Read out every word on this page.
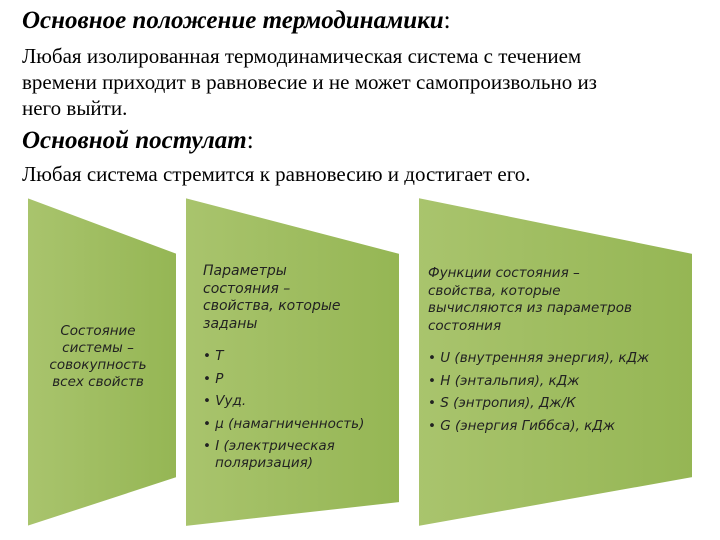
Основное положение термодинамики:
Любая изолированная термодинамическая система с течением
времени приходит в равновесие и не может самопроизвольно из
него выйти.
Основной постулат:
Любая система стремится к равновесию и достигает его.
Состояние
системы –
совокупность
всех свойств
Параметры
состояния –
свойства, которые
заданы
• T
• P
• Vуд.
• μ (намагниченность)
• I (электрическая
поляризация)
Функции состояния –
свойства, которые
вычисляются из параметров
состояния
• U (внутренняя энергия), кДж
• H (энтальпия), кДж
• S (энтропия), Дж/К
• G (энергия Гиббса), кДж
